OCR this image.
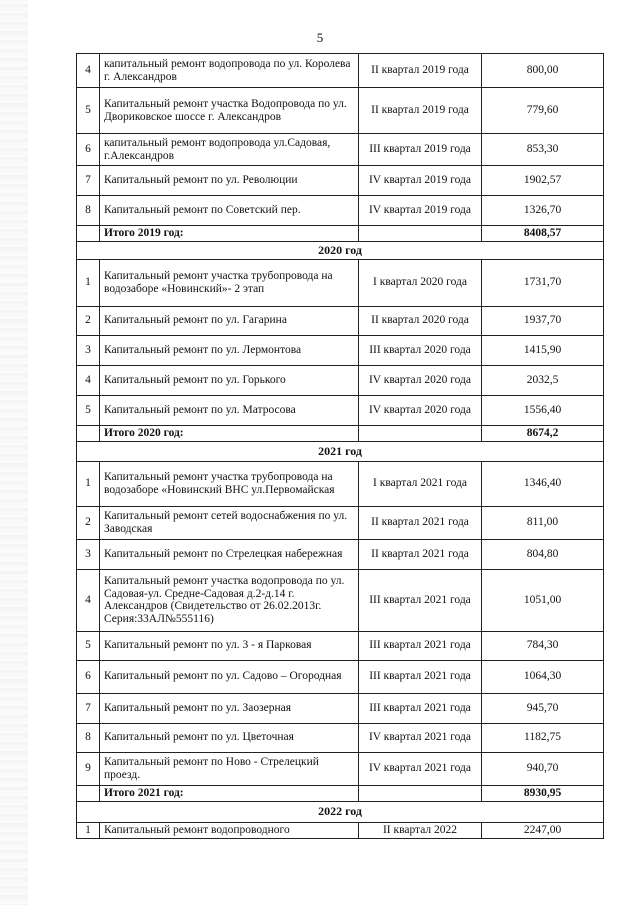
5
4	капитальный ремонт водопровода по ул. Королева г. Александров	II квартал 2019 года	800,00
5	Капитальный ремонт участка Водопровода по ул. Двориковское шоссе г. Александров	II квартал 2019 года	779,60
6	капитальный ремонт водопровода ул.Садовая, г.Александров	III квартал 2019 года	853,30
7	Капитальный ремонт по ул. Революции	IV квартал 2019 года	1902,57
8	Капитальный ремонт по Советский пер.	IV квартал 2019 года	1326,70
	Итого 2019 год:		8408,57
2020 год			
1	Капитальный ремонт участка трубопровода на водозаборе «Новинский»- 2 этап	I квартал 2020 года	1731,70
2	Капитальный ремонт по ул. Гагарина	II квартал 2020 года	1937,70
3	Капитальный ремонт по ул. Лермонтова	III квартал 2020 года	1415,90
4	Капитальный ремонт по ул. Горького	IV квартал 2020 года	2032,5
5	Капитальный ремонт по ул. Матросова	IV квартал 2020 года	1556,40
	Итого 2020 год:		8674,2
2021 год			
1	Капитальный ремонт участка трубопровода на водозаборе «Новинский ВНС ул.Первомайская	I квартал 2021 года	1346,40
2	Капитальный ремонт сетей водоснабжения по ул. Заводская	II квартал 2021 года	811,00
3	Капитальный ремонт по Стрелецкая набережная	II квартал 2021 года	804,80
4	Капитальный ремонт участка водопровода по ул. Садовая-ул. Средне-Садовая д.2-д.14 г. Александров (Свидетельство от 26.02.2013г. Серия:33АЛ№555116)	III квартал 2021 года	1051,00
5	Капитальный ремонт по ул. 3 - я Парковая	III квартал 2021 года	784,30
6	Капитальный ремонт по ул. Садово – Огородная	III квартал 2021 года	1064,30
7	Капитальный ремонт по ул. Заозерная	III квартал 2021 года	945,70
8	Капитальный ремонт по ул. Цветочная	IV квартал 2021 года	1182,75
9	Капитальный ремонт по Ново - Стрелецкий проезд.	IV квартал 2021 года	940,70
	Итого 2021 год:		8930,95
2022 год			
1	Капитальный ремонт водопроводного	II квартал 2022	2247,00
